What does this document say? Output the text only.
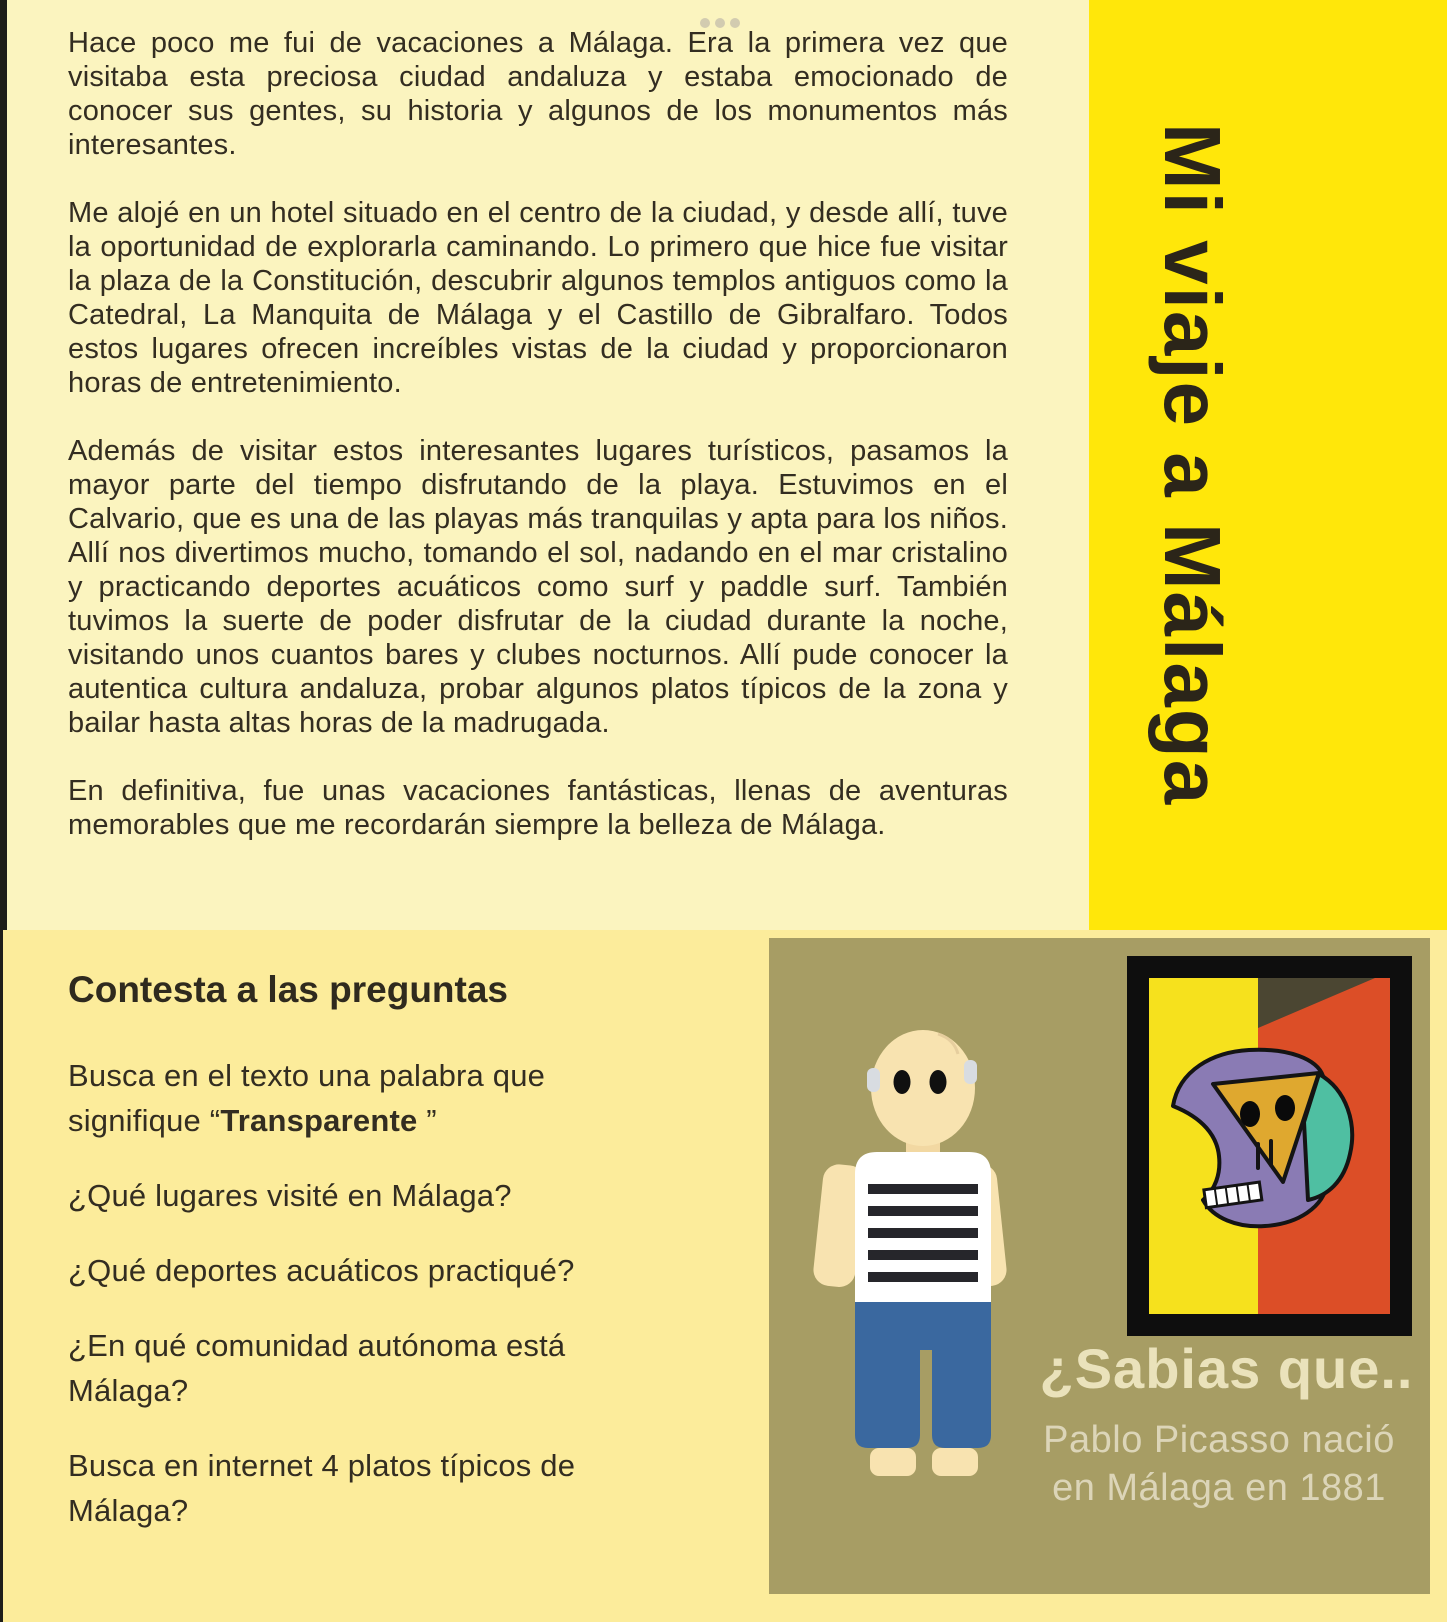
Hace poco me fui de vacaciones a Málaga. Era la primera vez que visitaba esta preciosa ciudad andaluza y estaba emocionado de conocer sus gentes, su historia y algunos de los monumentos más interesantes.

Me alojé en un hotel situado en el centro de la ciudad, y desde allí, tuve la oportunidad de explorarla caminando. Lo primero que hice fue visitar la plaza de la Constitución, descubrir algunos templos antiguos como la Catedral, La Manquita de Málaga y el Castillo de Gibralfaro. Todos estos lugares ofrecen increíbles vistas de la ciudad y proporcionaron horas de entretenimiento.

Además de visitar estos interesantes lugares turísticos, pasamos la mayor parte del tiempo disfrutando de la playa. Estuvimos en el Calvario, que es una de las playas más tranquilas y apta para los niños. Allí nos divertimos mucho, tomando el sol, nadando en el mar cristalino y practicando deportes acuáticos como surf y paddle surf. También tuvimos la suerte de poder disfrutar de la ciudad durante la noche, visitando unos cuantos bares y clubes nocturnos. Allí pude conocer la autentica cultura andaluza, probar algunos platos típicos de la zona y bailar hasta altas horas de la madrugada.

En definitiva, fue unas vacaciones fantásticas, llenas de aventuras memorables que me recordarán siempre la belleza de Málaga.

Mi viaje a Málaga
Contesta a las preguntas
Busca en el texto una palabra que
signifique “Transparente ”
¿Qué lugares visité en Málaga?
¿Qué deportes acuáticos practiqué?
¿En qué comunidad autónoma está
Málaga?
Busca en internet 4 platos típicos de
Málaga?
¿Sabias que..
Pablo Picasso nació
en Málaga en 1881
